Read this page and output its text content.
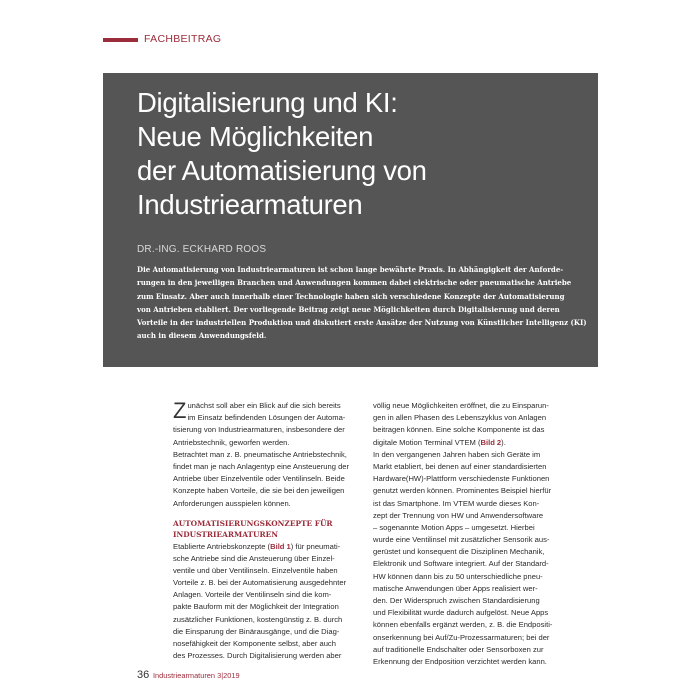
FACHBEITRAG
Digitalisierung und KI:
Neue Möglichkeiten
der Automatisierung von
Industriearmaturen
DR.-ING. ECKHARD ROOS
Die Automatisierung von Industriearmaturen ist schon lange bewährte Praxis. In Abhängigkeit der Anforde-
rungen in den jeweiligen Branchen und Anwendungen kommen dabei elektrische oder pneumatische Antriebe
zum Einsatz. Aber auch innerhalb einer Technologie haben sich verschiedene Konzepte der Automatisierung
von Antrieben etabliert. Der vorliegende Beitrag zeigt neue Möglichkeiten durch Digitalisierung und deren
Vorteile in der industriellen Produktion und diskutiert erste Ansätze der Nutzung von Künstlicher Intelligenz (KI)
auch in diesem Anwendungsfeld.
Z unächst soll aber ein Blick auf die sich bereits
im Einsatz befindenden Lösungen der Automa-
tisierung von Industriearmaturen, insbesondere der
Antriebstechnik, geworfen werden.
Betrachtet man z. B. pneumatische Antriebstechnik,
findet man je nach Anlagentyp eine Ansteuerung der
Antriebe über Einzelventile oder Ventilinseln. Beide
Konzepte haben Vorteile, die sie bei den jeweiligen
Anforderungen ausspielen können.
AUTOMATISIERUNGSKONZEPTE FÜR
INDUSTRIEARMATUREN
Etablierte Antriebskonzepte (Bild 1) für pneumati-
sche Antriebe sind die Ansteuerung über Einzel-
ventile und über Ventilinseln. Einzelventile haben
Vorteile z. B. bei der Automatisierung ausgedehnter
Anlagen. Vorteile der Ventilinseln sind die kom-
pakte Bauform mit der Möglichkeit der Integration
zusätzlicher Funktionen, kostengünstig z. B. durch
die Einsparung der Binärausgänge, und die Diag-
nosefähigkeit der Komponente selbst, aber auch
des Prozesses. Durch Digitalisierung werden aber
völlig neue Möglichkeiten eröffnet, die zu Einsparun-
gen in allen Phasen des Lebenszyklus von Anlagen
beitragen können. Eine solche Komponente ist das
digitale Motion Terminal VTEM (Bild 2).
In den vergangenen Jahren haben sich Geräte im
Markt etabliert, bei denen auf einer standardisierten
Hardware(HW)-Plattform verschiedenste Funktionen
genutzt werden können. Prominentes Beispiel hierfür
ist das Smartphone. Im VTEM wurde dieses Kon-
zept der Trennung von HW und Anwendersoftware
– sogenannte Motion Apps – umgesetzt. Hierbei
wurde eine Ventilinsel mit zusätzlicher Sensorik aus-
gerüstet und konsequent die Disziplinen Mechanik,
Elektronik und Software integriert. Auf der Standard-
HW können dann bis zu 50 unterschiedliche pneu-
matische Anwendungen über Apps realisiert wer-
den. Der Widerspruch zwischen Standardisierung
und Flexibilität wurde dadurch aufgelöst. Neue Apps
können ebenfalls ergänzt werden, z. B. die Endpositi-
onserkennung bei Auf/Zu-Prozessarmaturen; bei der
auf traditionelle Endschalter oder Sensorboxen zur
Erkennung der Endposition verzichtet werden kann.
36 Industriearmaturen 3|2019
